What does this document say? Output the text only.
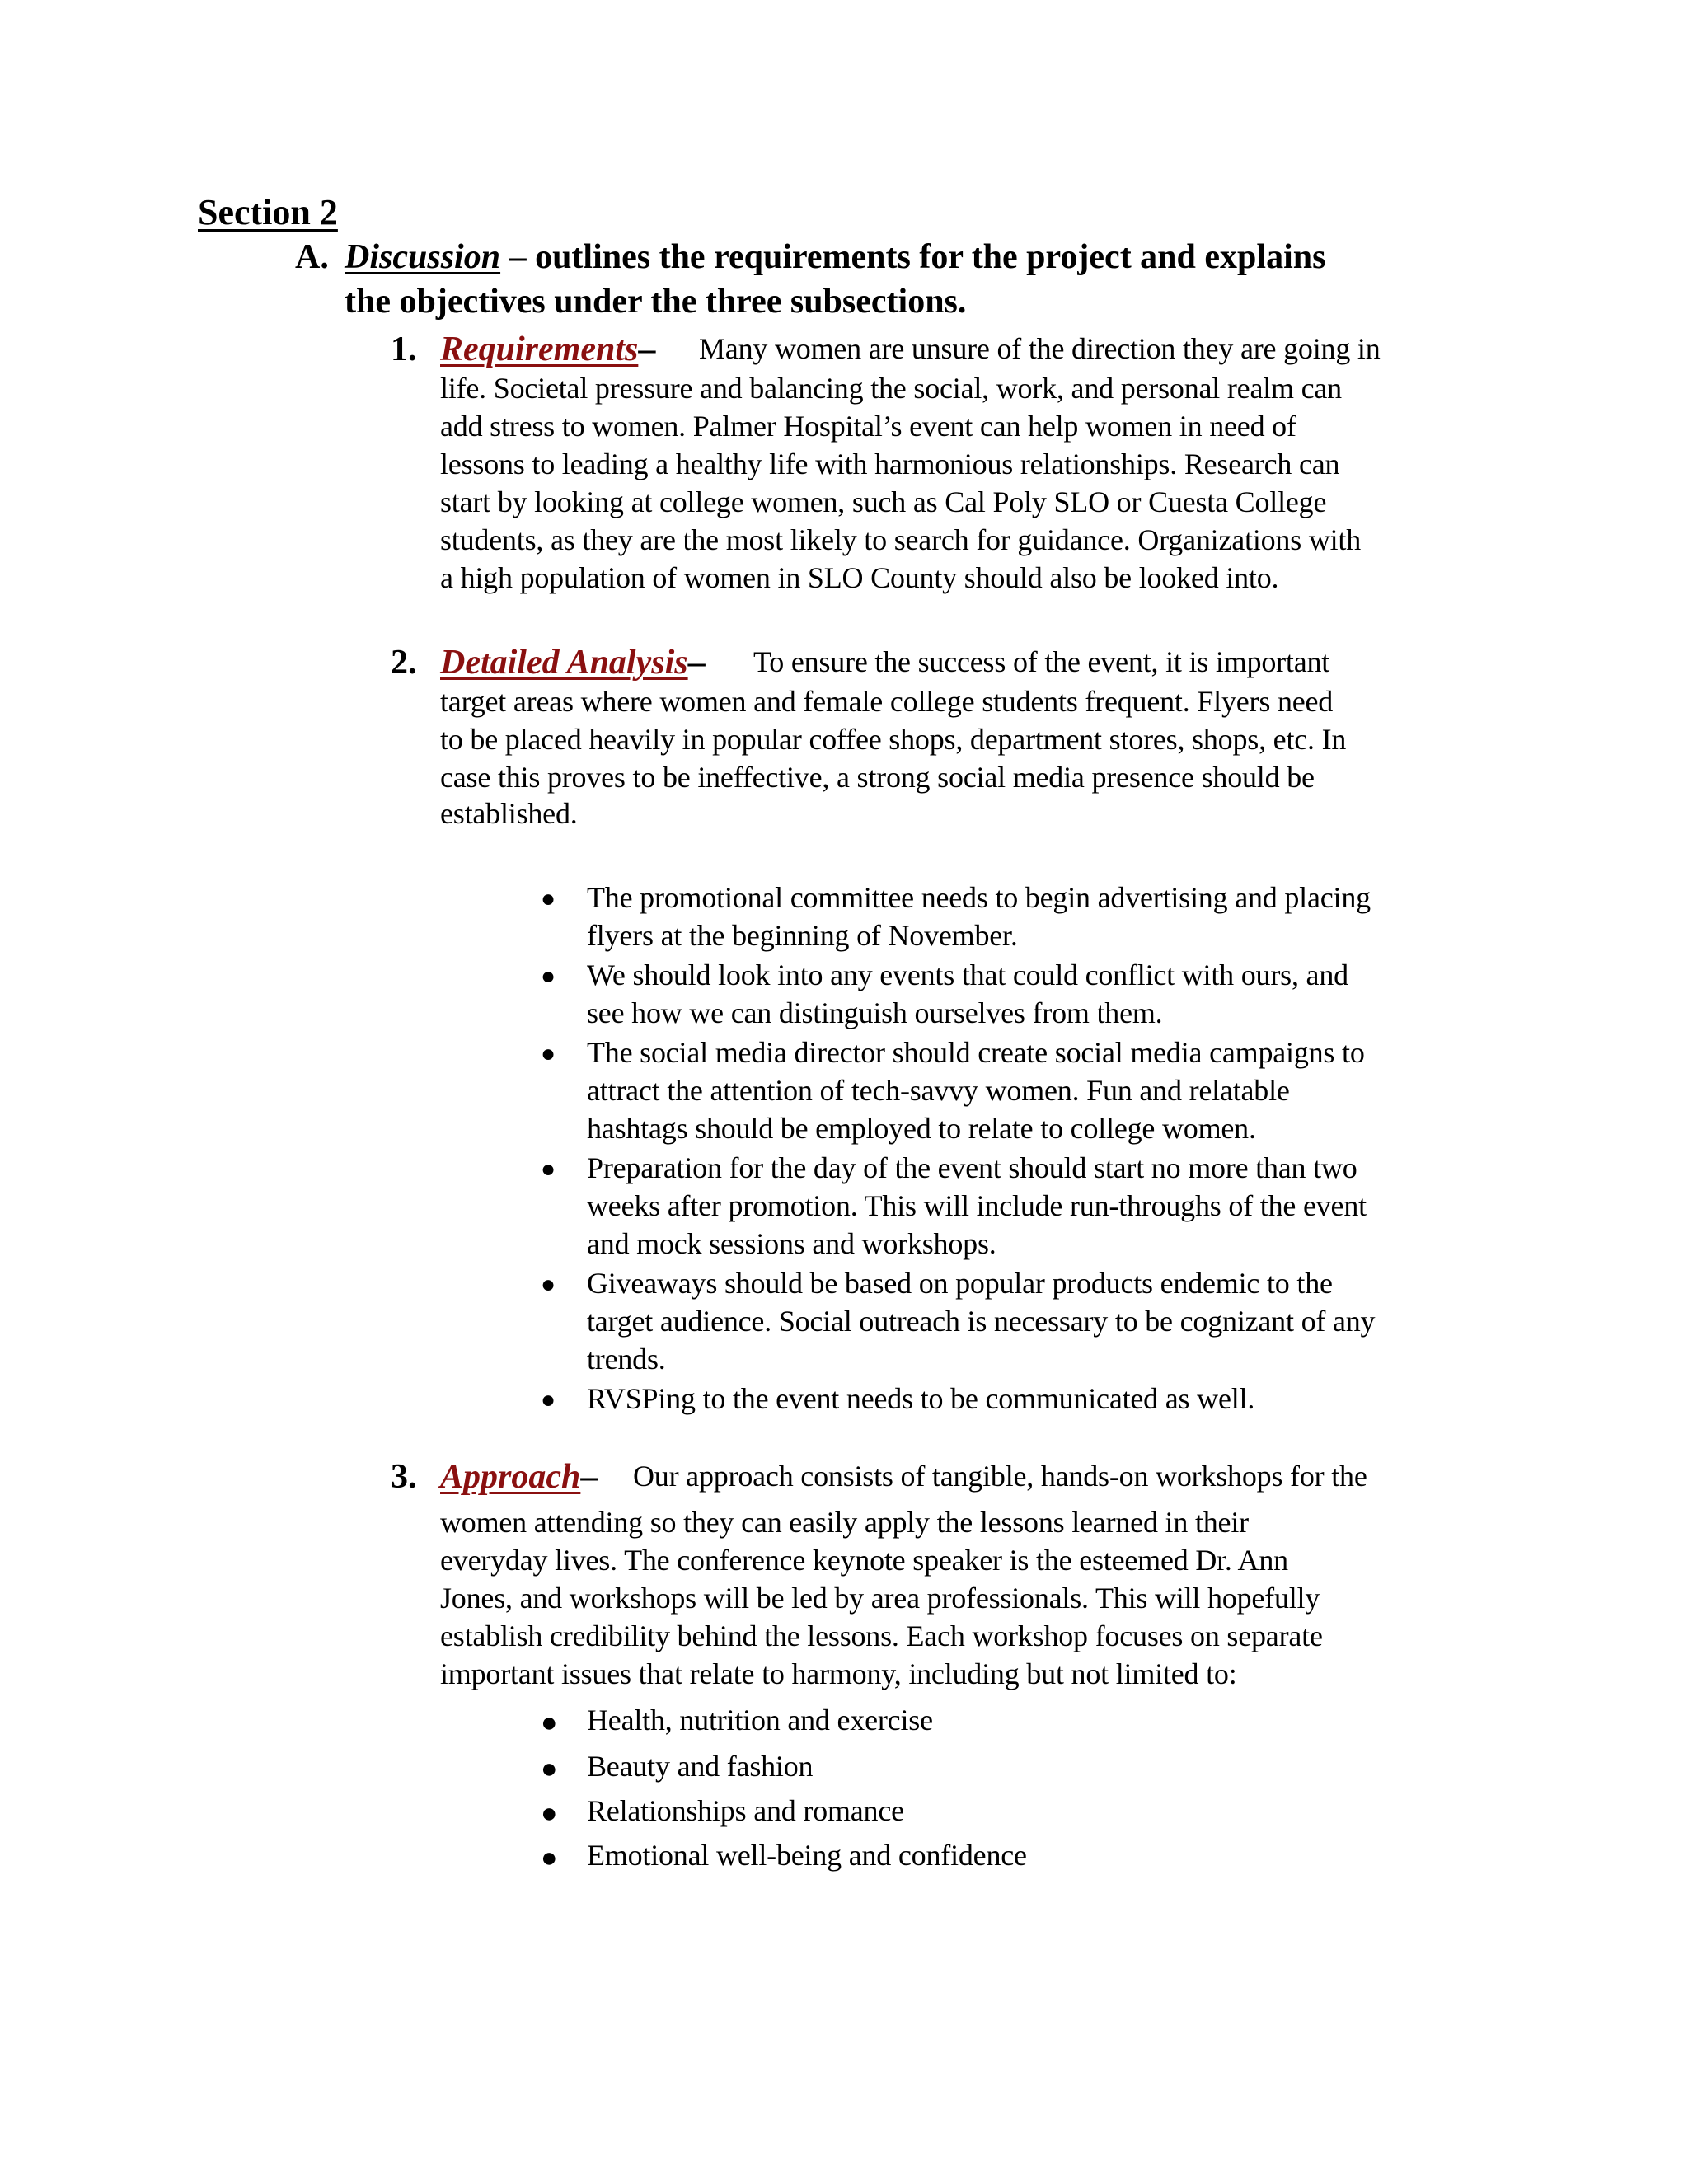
Section 2
A. Discussion – outlines the requirements for the project and explains
the objectives under the three subsections.
1. Requirements– Many women are unsure of the direction they are going in
life. Societal pressure and balancing the social, work, and personal realm can
add stress to women. Palmer Hospital’s event can help women in need of
lessons to leading a healthy life with harmonious relationships. Research can
start by looking at college women, such as Cal Poly SLO or Cuesta College
students, as they are the most likely to search for guidance. Organizations with
a high population of women in SLO County should also be looked into.
2. Detailed Analysis– To ensure the success of the event, it is important
target areas where women and female college students frequent. Flyers need
to be placed heavily in popular coffee shops, department stores, shops, etc. In
case this proves to be ineffective, a strong social media presence should be
established.
● The promotional committee needs to begin advertising and placing
flyers at the beginning of November.
● We should look into any events that could conflict with ours, and
see how we can distinguish ourselves from them.
● The social media director should create social media campaigns to
attract the attention of tech-savvy women. Fun and relatable
hashtags should be employed to relate to college women.
● Preparation for the day of the event should start no more than two
weeks after promotion. This will include run-throughs of the event
and mock sessions and workshops.
● Giveaways should be based on popular products endemic to the
target audience. Social outreach is necessary to be cognizant of any
trends.
● RVSPing to the event needs to be communicated as well.
3. Approach– Our approach consists of tangible, hands-on workshops for the
women attending so they can easily apply the lessons learned in their
everyday lives. The conference keynote speaker is the esteemed Dr. Ann
Jones, and workshops will be led by area professionals. This will hopefully
establish credibility behind the lessons. Each workshop focuses on separate
important issues that relate to harmony, including but not limited to:
● Health, nutrition and exercise
● Beauty and fashion
● Relationships and romance
● Emotional well-being and confidence
